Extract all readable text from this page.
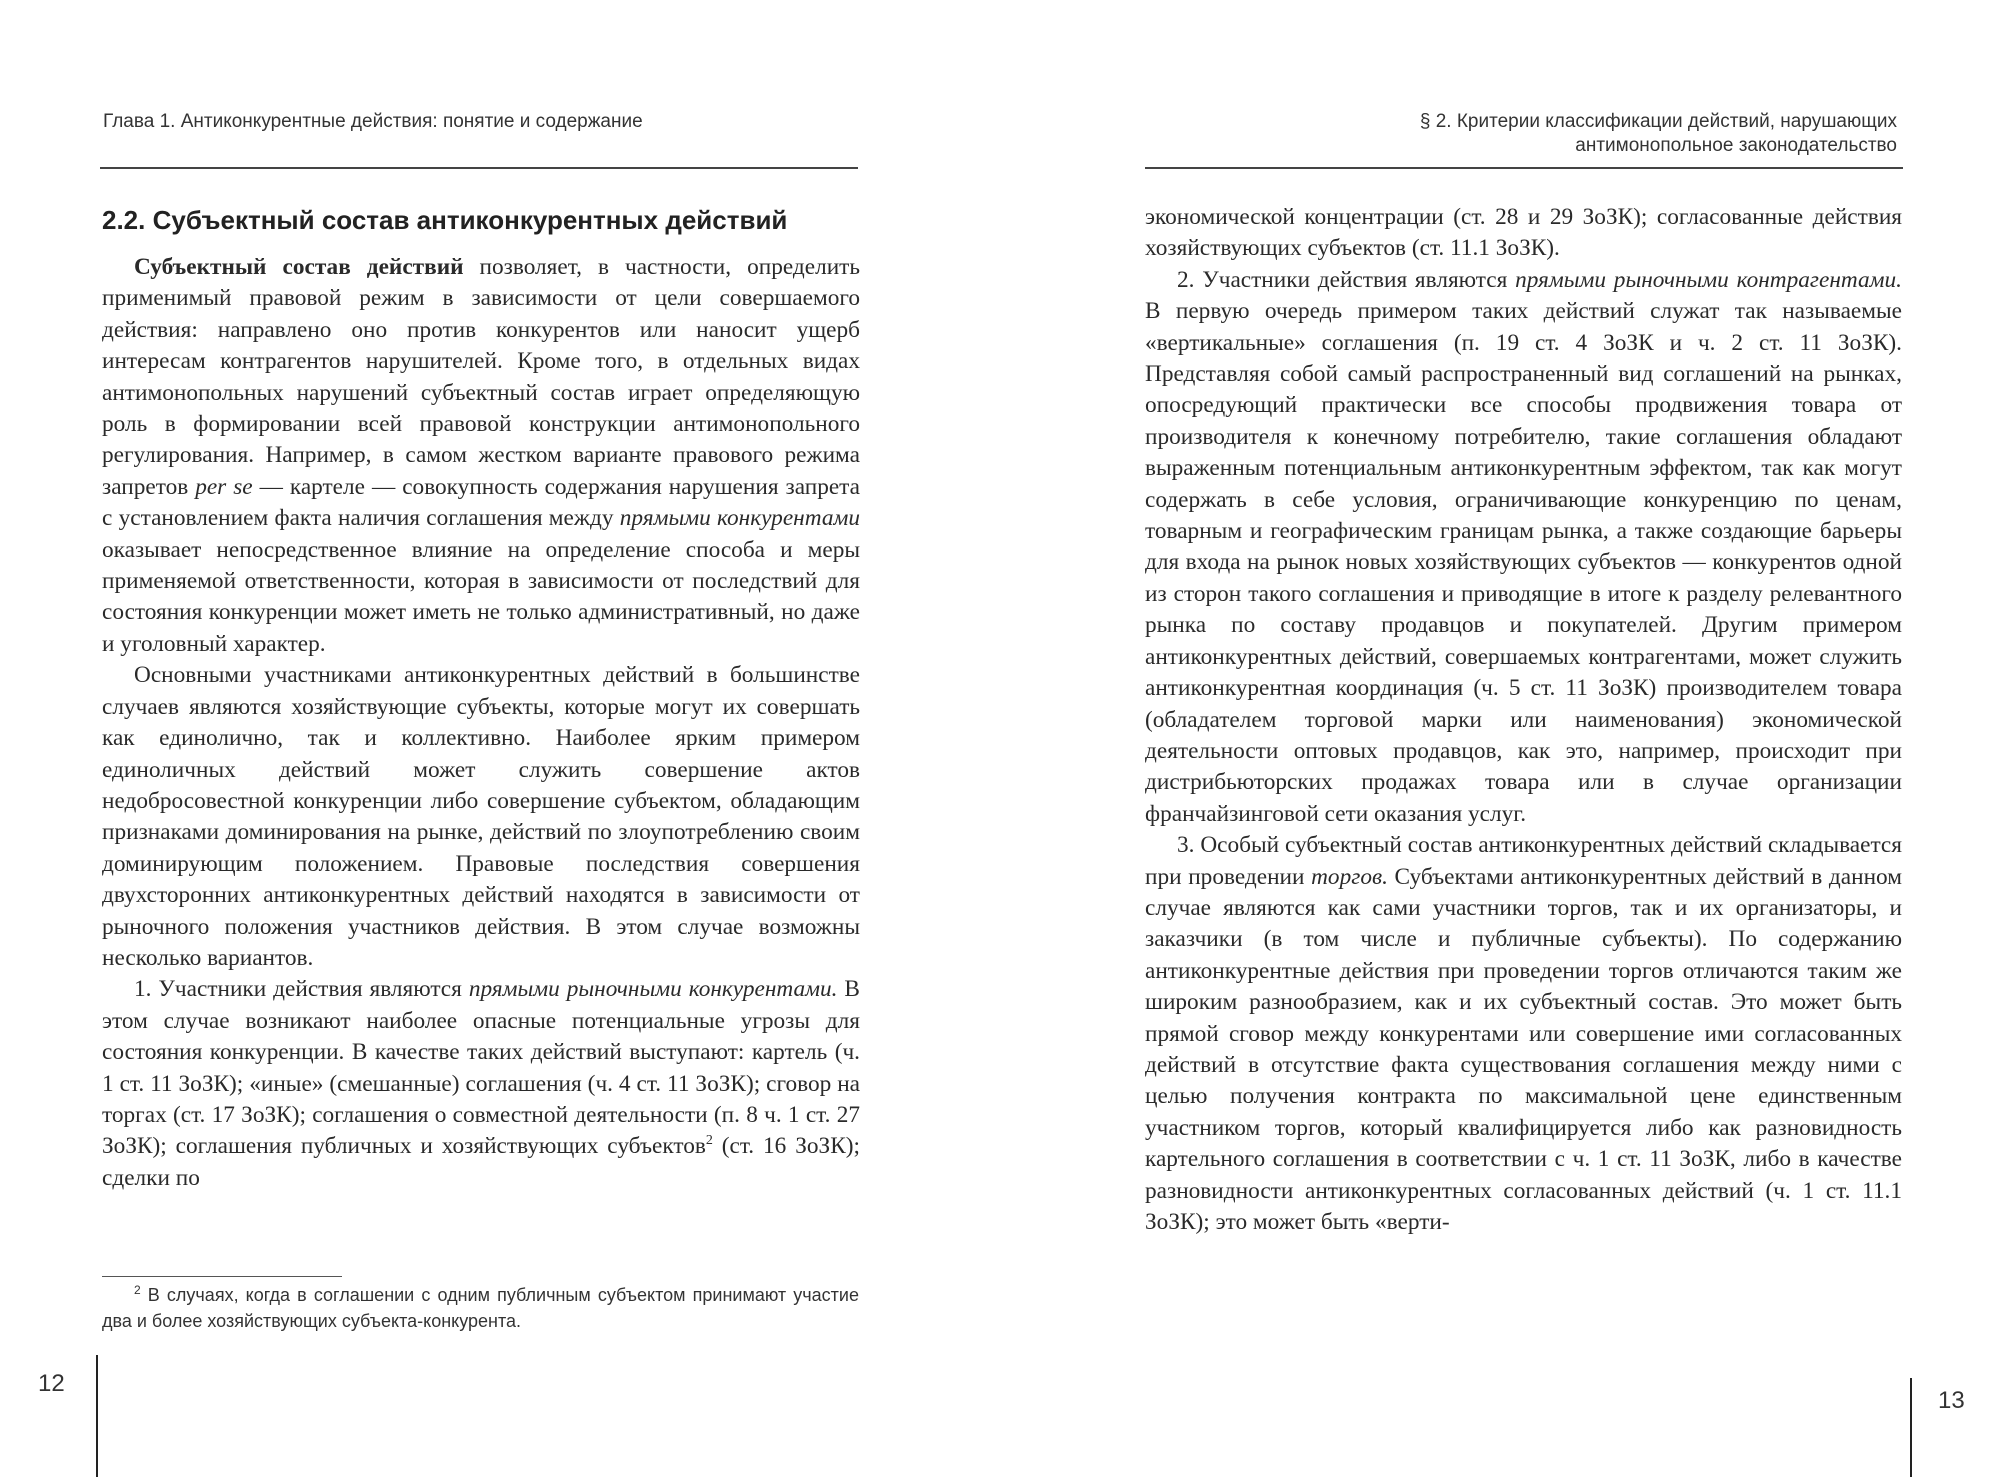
Глава 1. Антиконкурентные действия: понятие и содержание
2.2. Субъектный состав антиконкурентных действий

Субъектный состав действий позволяет, в частности, определить применимый правовой режим в зависимости от цели совершаемого действия: направлено оно против конкурентов или наносит ущерб интересам контрагентов нарушителей. Кроме того, в отдельных видах антимонопольных нарушений субъектный состав играет определяющую роль в формировании всей правовой конструкции антимонопольного регулирования. Например, в самом жестком варианте правового режима запретов per se — картеле — совокупность содержания нарушения запрета с установлением факта наличия соглашения между прямыми конкурентами оказывает непосредственное влияние на определение способа и меры применяемой ответственности, которая в зависимости от последствий для состояния конкуренции может иметь не только административный, но даже и уголовный характер.

Основными участниками антиконкурентных действий в большинстве случаев являются хозяйствующие субъекты, которые могут их совершать как единолично, так и коллективно. Наиболее ярким примером единоличных действий может служить совершение актов недобросовестной конкуренции либо совершение субъектом, обладающим признаками доминирования на рынке, действий по злоупотреблению своим доминирующим положением. Правовые последствия совершения двухсторонних антиконкурентных действий находятся в зависимости от рыночного положения участников действия. В этом случае возможны несколько вариантов.

1. Участники действия являются прямыми рыночными конкурентами. В этом случае возникают наиболее опасные потенциальные угрозы для состояния конкуренции. В качестве таких действий выступают: картель (ч. 1 ст. 11 ЗоЗК); «иные» (смешанные) соглашения (ч. 4 ст. 11 ЗоЗК); сговор на торгах (ст. 17 ЗоЗК); соглашения о совместной деятельности (п. 8 ч. 1 ст. 27 ЗоЗК); соглашения публичных и хозяйствующих субъектов$^2$ (ст. 16 ЗоЗК); сделки по

$^2$ В случаях, когда в соглашении с одним публичным субъектом принимают участие два и более хозяйствующих субъекта-конкурента.
12
§ 2. Критерии классификации действий, нарушающих
антимонопольное законодательство

экономической концентрации (ст. 28 и 29 ЗоЗК); согласованные действия хозяйствующих субъектов (ст. 11.1 ЗоЗК).

2. Участники действия являются прямыми рыночными контрагентами. В первую очередь примером таких действий служат так называемые «вертикальные» соглашения (п. 19 ст. 4 ЗоЗК и ч. 2 ст. 11 ЗоЗК). Представляя собой самый распространенный вид соглашений на рынках, опосредующий практически все способы продвижения товара от производителя к конечному потребителю, такие соглашения обладают выраженным потенциальным антиконкурентным эффектом, так как могут содержать в себе условия, ограничивающие конкуренцию по ценам, товарным и географическим границам рынка, а также создающие барьеры для входа на рынок новых хозяйствующих субъектов — конкурентов одной из сторон такого соглашения и приводящие в итоге к разделу релевантного рынка по составу продавцов и покупателей. Другим примером антиконкурентных действий, совершаемых контрагентами, может служить антиконкурентная координация (ч. 5 ст. 11 ЗоЗК) производителем товара (обладателем торговой марки или наименования) экономической деятельности оптовых продавцов, как это, например, происходит при дистрибьюторских продажах товара или в случае организации франчайзинговой сети оказания услуг.

3. Особый субъектный состав антиконкурентных действий складывается при проведении торгов. Субъектами антиконкурентных действий в данном случае являются как сами участники торгов, так и их организаторы, и заказчики (в том числе и публичные субъекты). По содержанию антиконкурентные действия при проведении торгов отличаются таким же широким разнообразием, как и их субъектный состав. Это может быть прямой сговор между конкурентами или совершение ими согласованных действий в отсутствие факта существования соглашения между ними с целью получения контракта по максимальной цене единственным участником торгов, который квалифицируется либо как разновидность картельного соглашения в соответствии с ч. 1 ст. 11 ЗоЗК, либо в качестве разновидности антиконкурентных согласованных действий (ч. 1 ст. 11.1 ЗоЗК); это может быть «верти-

13
